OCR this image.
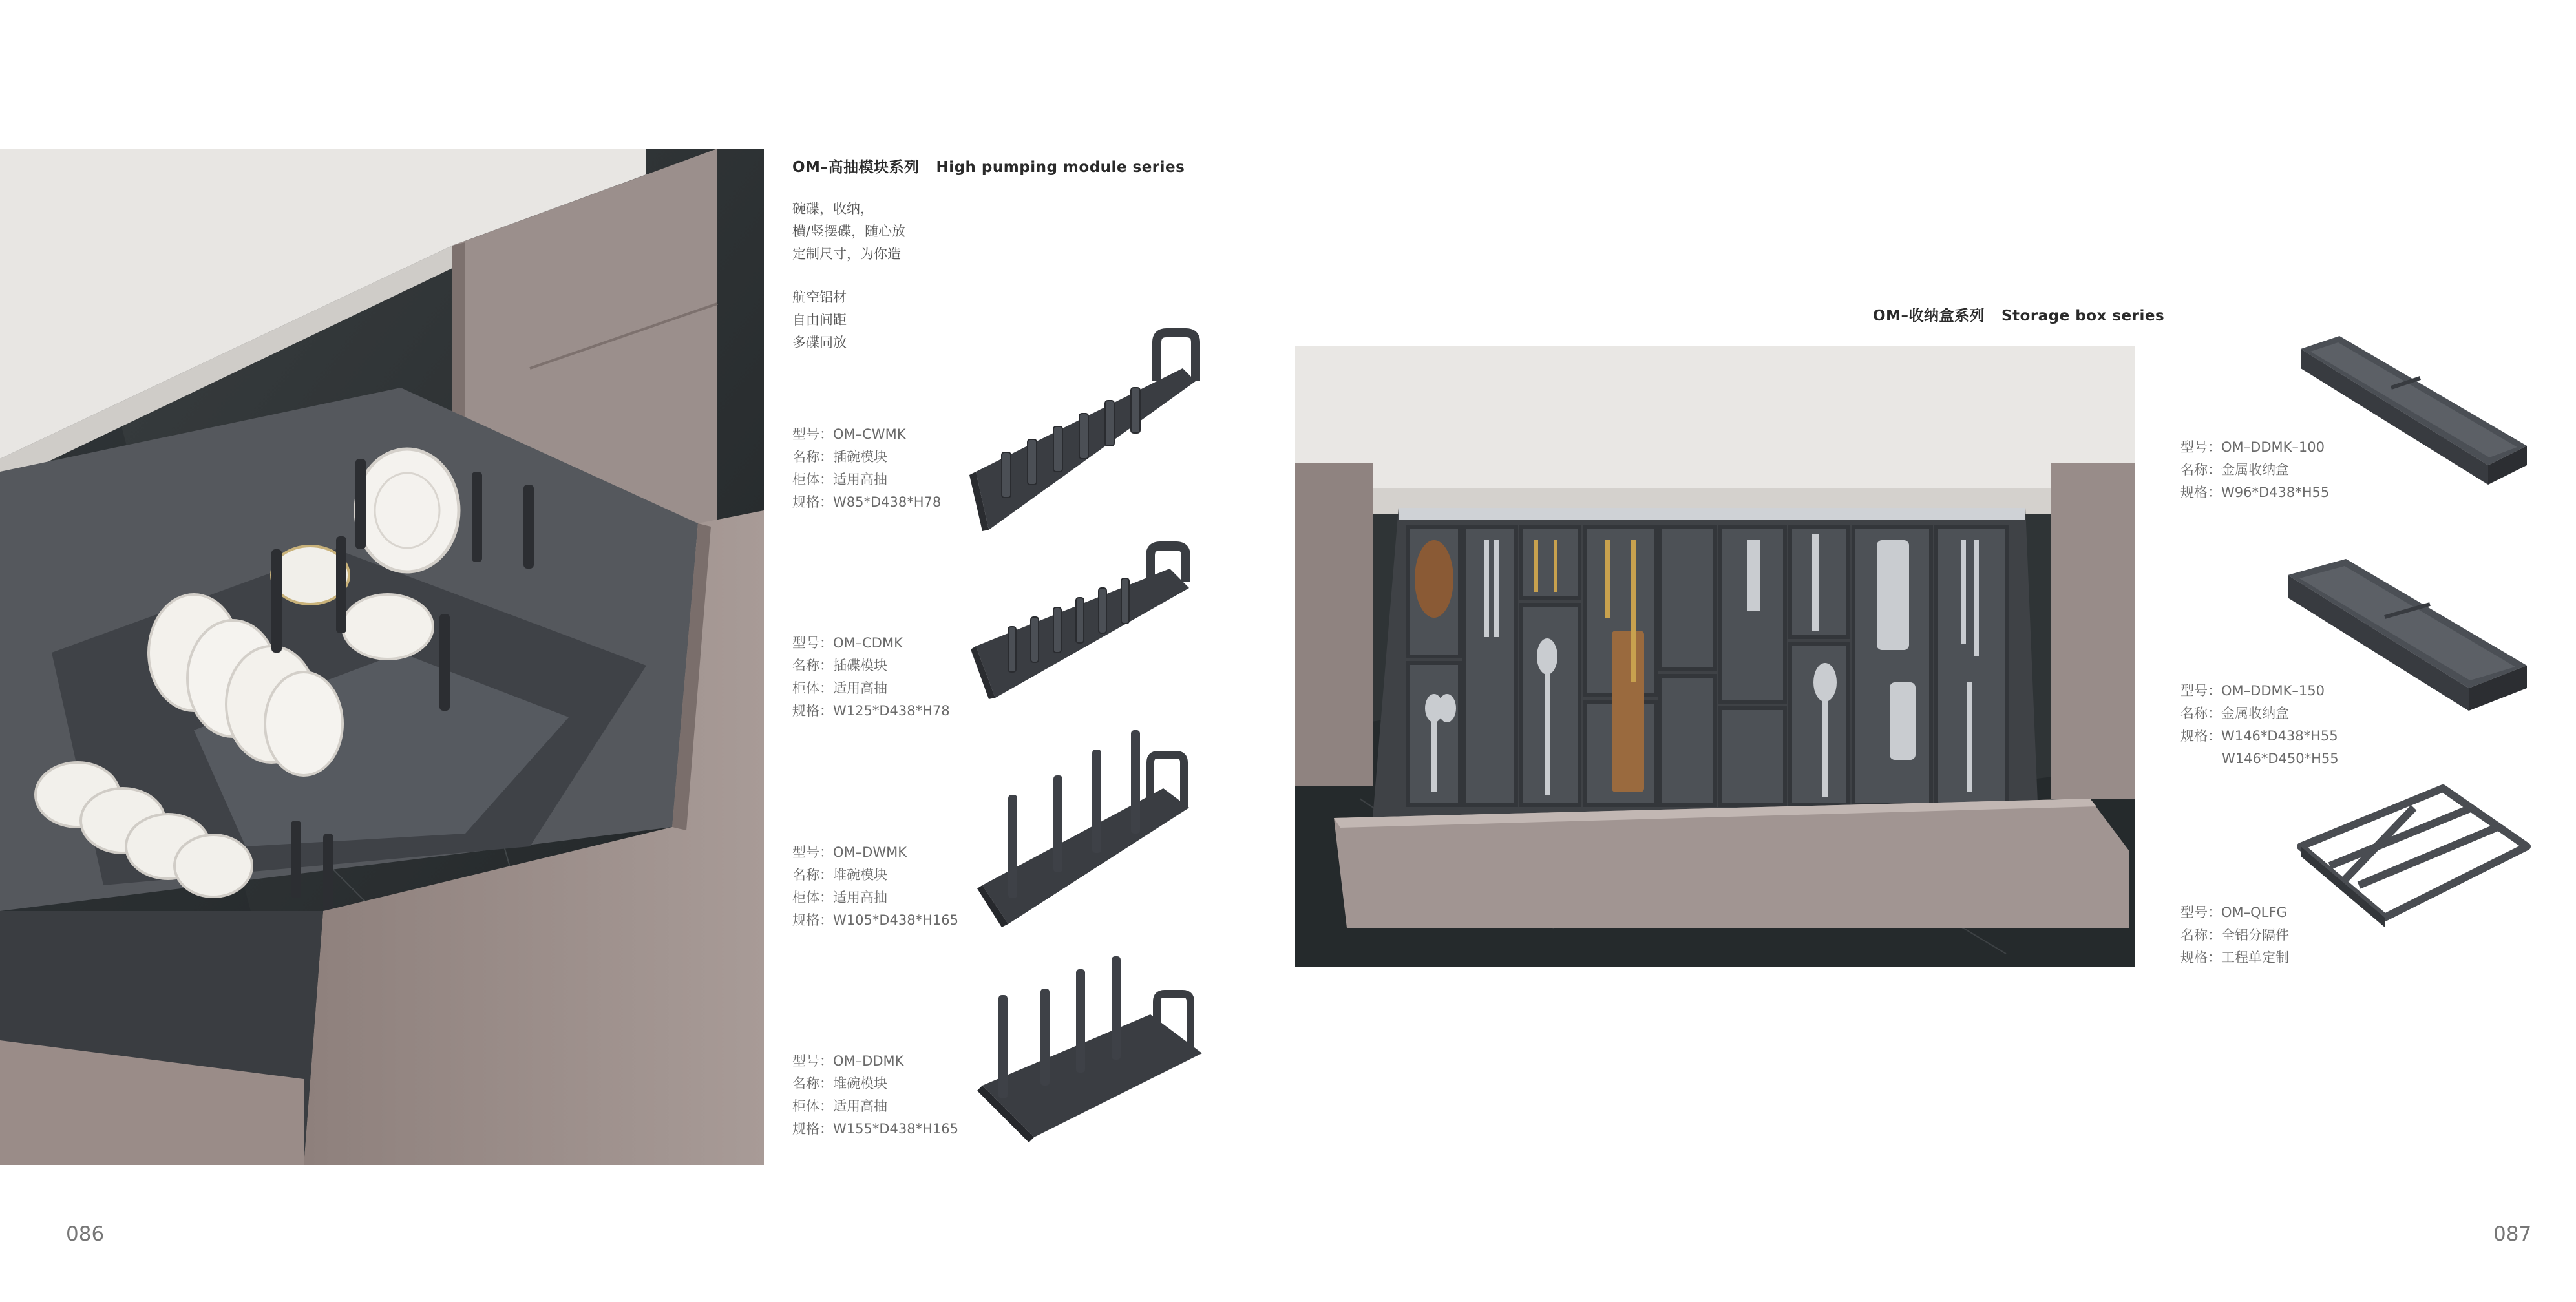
OM–高抽模块系列 High pumping module series
碗碟，收纳，
横/竖摆碟，随心放
定制尺寸，为你造
航空铝材
自由间距
多碟同放
型号：OM–CWMK
名称：插碗模块
柜体：适用高抽
规格：W85*D438*H78
型号：OM–CDMK
名称：插碟模块
柜体：适用高抽
规格：W125*D438*H78
型号：OM–DWMK
名称：堆碗模块
柜体：适用高抽
规格：W105*D438*H165
型号：OM–DDMK
名称：堆碗模块
柜体：适用高抽
规格：W155*D438*H165
086
OM–收纳盒系列 Storage box series
型号：OM–DDMK–100
名称：金属收纳盒
规格：W96*D438*H55
型号：OM–DDMK–150
名称：金属收纳盒
规格：W146*D438*H55
W146*D450*H55
型号：OM–QLFG
名称：全铝分隔件
规格：工程单定制
087
